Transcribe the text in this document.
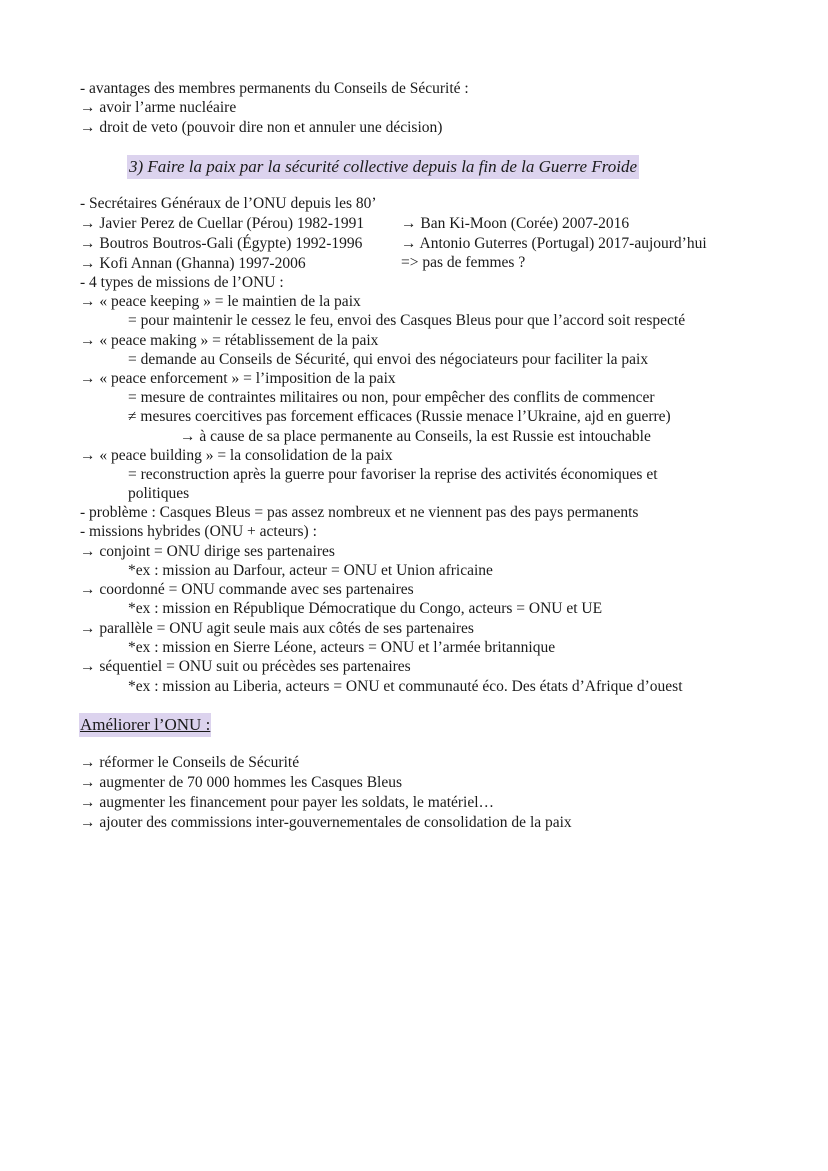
- avantages des membres permanents du Conseils de Sécurité :
→ avoir l’arme nucléaire
→ droit de veto (pouvoir dire non et annuler une décision)
3) Faire la paix par la sécurité collective depuis la fin de la Guerre Froide
- Secrétaires Généraux de l’ONU depuis les 80’
→ Javier Perez de Cuellar (Pérou) 1982-1991
→ Boutros Boutros-Gali (Égypte) 1992-1996
→ Kofi Annan (Ghanna) 1997-2006
→ Ban Ki-Moon (Corée) 2007-2016
→ Antonio Guterres (Portugal) 2017-aujourd’hui
=> pas de femmes ?
- 4 types de missions de l’ONU :
→ « peace keeping » = le maintien de la paix
= pour maintenir le cessez le feu, envoi des Casques Bleus pour que l’accord soit respecté
→ « peace making » = rétablissement de la paix
= demande au Conseils de Sécurité, qui envoi des négociateurs pour faciliter la paix
→ « peace enforcement » = l’imposition de la paix
= mesure de contraintes militaires ou non, pour empêcher des conflits de commencer
≠ mesures coercitives pas forcement efficaces (Russie menace l’Ukraine, ajd en guerre)
→ à cause de sa place permanente au Conseils, la est Russie est intouchable
→ « peace building » = la consolidation de la paix
= reconstruction après la guerre pour favoriser la reprise des activités économiques et
politiques
- problème : Casques Bleus = pas assez nombreux et ne viennent pas des pays permanents
- missions hybrides (ONU + acteurs) :
→ conjoint = ONU dirige ses partenaires
*ex : mission au Darfour, acteur = ONU et Union africaine
→ coordonné = ONU commande avec ses partenaires
*ex : mission en République Démocratique du Congo, acteurs = ONU et UE
→ parallèle = ONU agit seule mais aux côtés de ses partenaires
*ex : mission en Sierre Léone, acteurs = ONU et l’armée britannique
→ séquentiel = ONU suit ou précèdes ses partenaires
*ex : mission au Liberia, acteurs = ONU et communauté éco. Des états d’Afrique d’ouest
Améliorer l’ONU :
→ réformer le Conseils de Sécurité
→ augmenter de 70 000 hommes les Casques Bleus
→ augmenter les financement pour payer les soldats, le matériel…
→ ajouter des commissions inter-gouvernementales de consolidation de la paix
